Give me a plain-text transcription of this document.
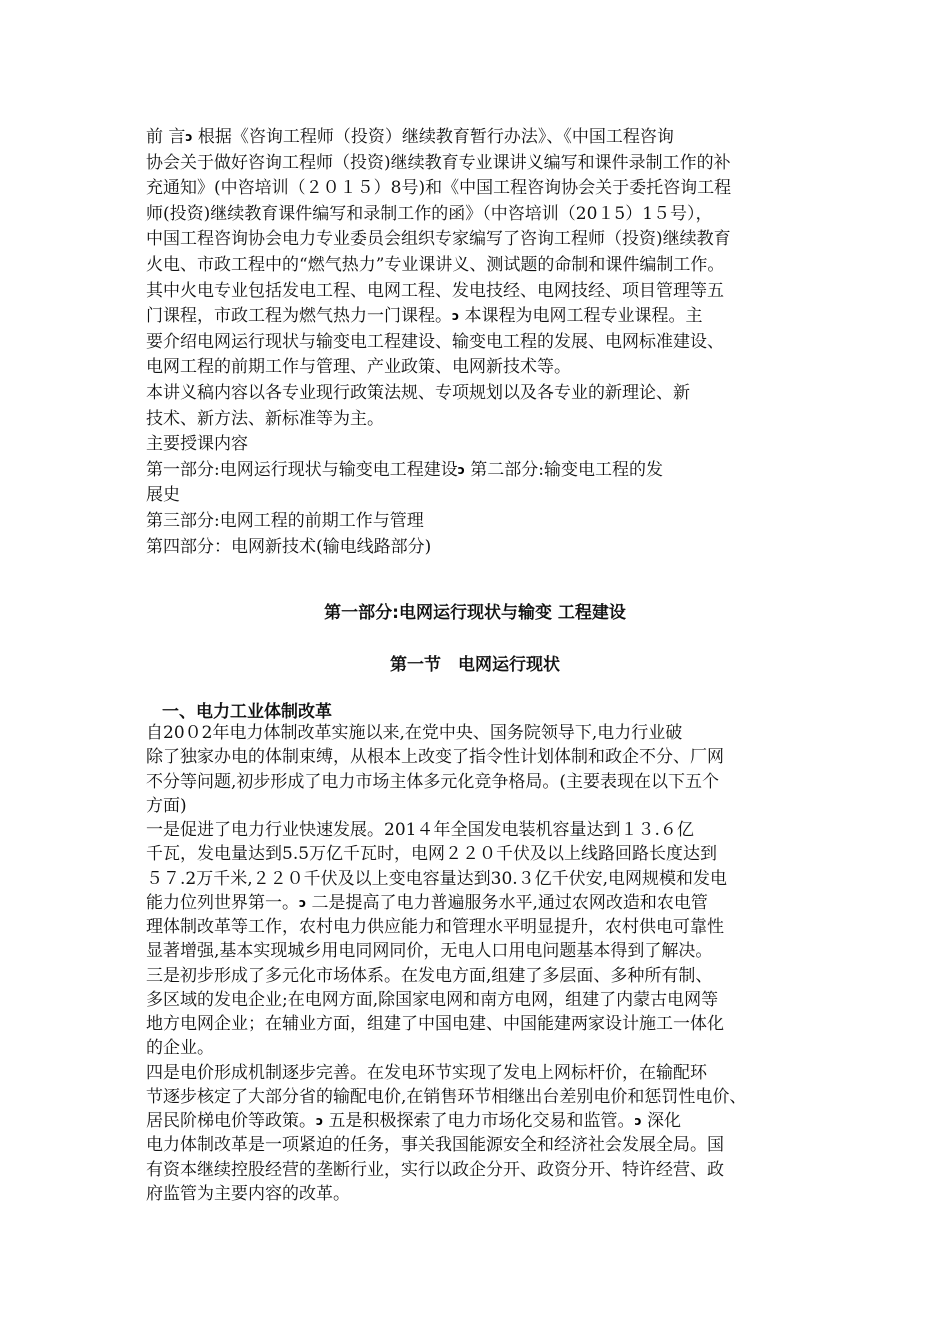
前 言ↄ 根据《咨询工程师（投资）继续教育暂行办法》、《中国工程咨询
协会关于做好咨询工程师（投资)继续教育专业课讲义编写和课件录制工作的补
充通知》(中咨培训（２０１５）8号)和《中国工程咨询协会关于委托咨询工程
师(投资)继续教育课件编写和录制工作的函》（中咨培训（20１5）1５号），
中国工程咨询协会电力专业委员会组织专家编写了咨询工程师（投资)继续教育
火电、市政工程中的“燃气热力”专业课讲义、测试题的命制和课件编制工作。
其中火电专业包括发电工程、电网工程、发电技经、电网技经、项目管理等五
门课程，市政工程为燃气热力一门课程。ↄ 本课程为电网工程专业课程。主
要介绍电网运行现状与输变电工程建设、输变电工程的发展、电网标准建设、
电网工程的前期工作与管理、产业政策、电网新技术等。
本讲义稿内容以各专业现行政策法规、专项规划以及各专业的新理论、新
技术、新方法、新标准等为主。
主要授课内容
第一部分:电网运行现状与输变电工程建设ↄ 第二部分:输变电工程的发
展史
第三部分:电网工程的前期工作与管理
第四部分：电网新技术(输电线路部分)
第一部分:电网运行现状与输变 工程建设
第一节　电网运行现状
一、电力工业体制改革
自20０2年电力体制改革实施以来,在党中央、国务院领导下,电力行业破
除了独家办电的体制束缚，从根本上改变了指令性计划体制和政企不分、厂网
不分等问题,初步形成了电力市场主体多元化竞争格局。(主要表现在以下五个
方面)
一是促进了电力行业快速发展。201４年全国发电装机容量达到１３.６亿
千瓦，发电量达到5.5万亿千瓦时，电网２２０千伏及以上线路回路长度达到
５７.2万千米,２２０千伏及以上变电容量达到30.３亿千伏安,电网规模和发电
能力位列世界第一。ↄ 二是提高了电力普遍服务水平,通过农网改造和农电管
理体制改革等工作，农村电力供应能力和管理水平明显提升，农村供电可靠性
显著增强,基本实现城乡用电同网同价，无电人口用电问题基本得到了解决。
三是初步形成了多元化市场体系。在发电方面,组建了多层面、多种所有制、
多区域的发电企业;在电网方面,除国家电网和南方电网，组建了内蒙古电网等
地方电网企业；在辅业方面，组建了中国电建、中国能建两家设计施工一体化
的企业。
四是电价形成机制逐步完善。在发电环节实现了发电上网标杆价，在输配环
节逐步核定了大部分省的输配电价,在销售环节相继出台差别电价和惩罚性电价、
居民阶梯电价等政策。ↄ 五是积极探索了电力市场化交易和监管。ↄ 深化
电力体制改革是一项紧迫的任务，事关我国能源安全和经济社会发展全局。国
有资本继续控股经营的垄断行业，实行以政企分开、政资分开、特许经营、政
府监管为主要内容的改革。
